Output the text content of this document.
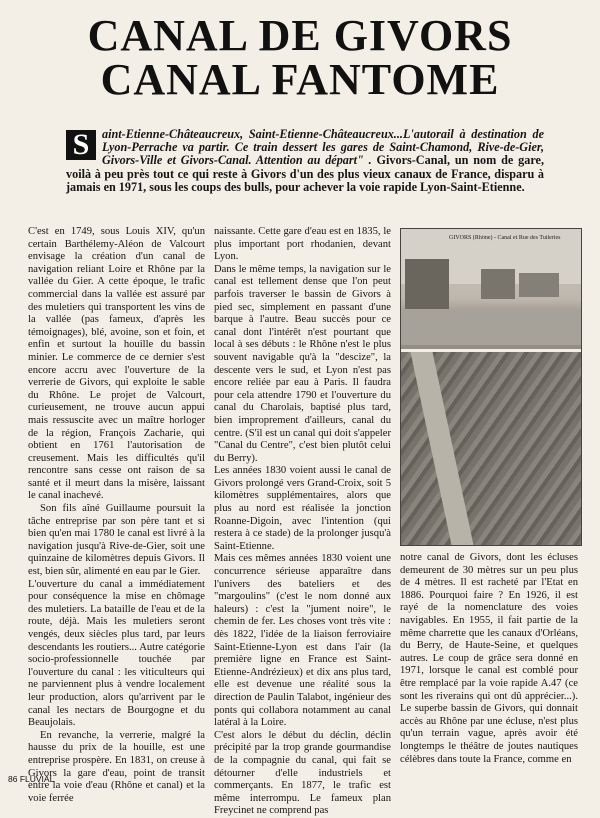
CANAL DE GIVORS
CANAL FANTOME
S	aint-Etienne-Châteaucreux, Saint-Etienne-Châteaucreux...L'autorail à destination de Lyon-Perrache va partir. Ce train dessert les gares de Saint-Chamond, Rive-de-Gier, Givors-Ville et Givors-Canal. Attention au départ" . Givors-Canal, un nom de gare, voilà à peu près tout ce qui reste à Givors d'un des plus vieux canaux de France, disparu à jamais en 1971, sous les coups des bulls, pour achever la voie rapide Lyon-Saint-Etienne.

C'est en 1749, sous Louis XIV, qu'un certain Barthélemy-Aléon de Valcourt envisage la création d'un canal de navigation reliant Loire et Rhône par la vallée du Gier. A cette époque, le trafic commercial dans la vallée est assuré par des muletiers qui transportent les vins de la vallée (pas fameux, d'après les témoignages), blé, avoine, son et foin, et enfin et surtout la houille du bassin minier. Le commerce de ce dernier s'est encore accru avec l'ouverture de la verrerie de Givors, qui exploite le sable du Rhône. Le projet de Valcourt, curieusement, ne trouve aucun appui mais ressuscite avec un maître horloger de la région, François Zacharie, qui obtient en 1761 l'autorisation de creusement. Mais les difficultés qu'il rencontre sans cesse ont raison de sa santé et il meurt dans la misère, laissant le canal inachevé.

Son fils aîné Guillaume poursuit la tâche entreprise par son père tant et si bien qu'en mai 1780 le canal est livré à la navigation jusqu'à Rive-de-Gier, soit une quinzaine de kilomètres depuis Givors. Il est, bien sûr, alimenté en eau par le Gier.

L'ouverture du canal a immédiatement pour conséquence la mise en chômage des muletiers. La bataille de l'eau et de la route, déjà. Mais les muletiers seront vengés, deux siècles plus tard, par leurs descendants les routiers... Autre catégorie socio-professionnelle touchée par l'ouverture du canal : les viticulteurs qui ne parviennent plus à vendre localement leur production, alors qu'arrivent par le canal les nectars de Bourgogne et du Beaujolais.

En revanche, la verrerie, malgré la hausse du prix de la houille, est une entreprise prospère. En 1831, on creuse à Givors la gare d'eau, point de transit entre la voie d'eau (Rhône et canal) et la voie ferrée

naissante. Cette gare d'eau est en 1835, le plus important port rhodanien, devant Lyon.

Dans le même temps, la navigation sur le canal est tellement dense que l'on peut parfois traverser le bassin de Givors à pied sec, simplement en passant d'une barque à l'autre. Beau succès pour ce canal dont l'intérêt n'est pourtant que local à ses débuts : le Rhône n'est le plus souvent navigable qu'à la "descize", la descente vers le sud, et Lyon n'est pas encore reliée par eau à Paris. Il faudra pour cela attendre 1790 et l'ouverture du canal du Charolais, baptisé plus tard, bien improprement d'ailleurs, canal du centre. (S'il est un canal qui doit s'appeler "Canal du Centre", c'est bien plutôt celui du Berry).

Les années 1830 voient aussi le canal de Givors prolongé vers Grand-Croix, soit 5 kilomètres supplémentaires, alors que plus au nord est réalisée la jonction Roanne-Digoin, avec l'intention (qui restera à ce stade) de la prolonger jusqu'à Saint-Etienne.

Mais ces mêmes années 1830 voient une concurrence sérieuse apparaître dans l'univers des bateliers et des "margoulins" (c'est le nom donné aux haleurs) : c'est la "jument noire", le chemin de fer. Les choses vont très vite : dès 1822, l'idée de la liaison ferroviaire Saint-Etienne-Lyon est dans l'air (la première ligne en France est Saint-Etienne-Andrézieux) et dix ans plus tard, elle est devenue une réalité sous la direction de Paulin Talabot, ingénieur des ponts qui collabora notamment au canal latéral à la Loire.

C'est alors le début du déclin, déclin précipité par la trop grande gourmandise de la compagnie du canal, qui fait se détourner d'elle industriels et commerçants. En 1877, le trafic est même interrompu. Le fameux plan Freycinet ne comprend pas

GIVORS (Rhône) - Canal et Rue des Tuileries

notre canal de Givors, dont les écluses demeurent de 30 mètres sur un peu plus de 4 mètres. Il est racheté par l'Etat en 1886. Pourquoi faire ? En 1926, il est rayé de la nomenclature des voies navigables. En 1955, il fait partie de la même charrette que les canaux d'Orléans, du Berry, de Haute-Seine, et quelques autres. Le coup de grâce sera donné en 1971, lorsque le canal est comblé pour être remplacé par la voie rapide A.47 (ce sont les riverains qui ont dû apprécier...). Le superbe bassin de Givors, qui donnait accès au Rhône par une écluse, n'est plus qu'un terrain vague, après avoir été longtemps le théâtre de joutes nautiques célèbres dans toute la France, comme en

86 FLUVIAL
